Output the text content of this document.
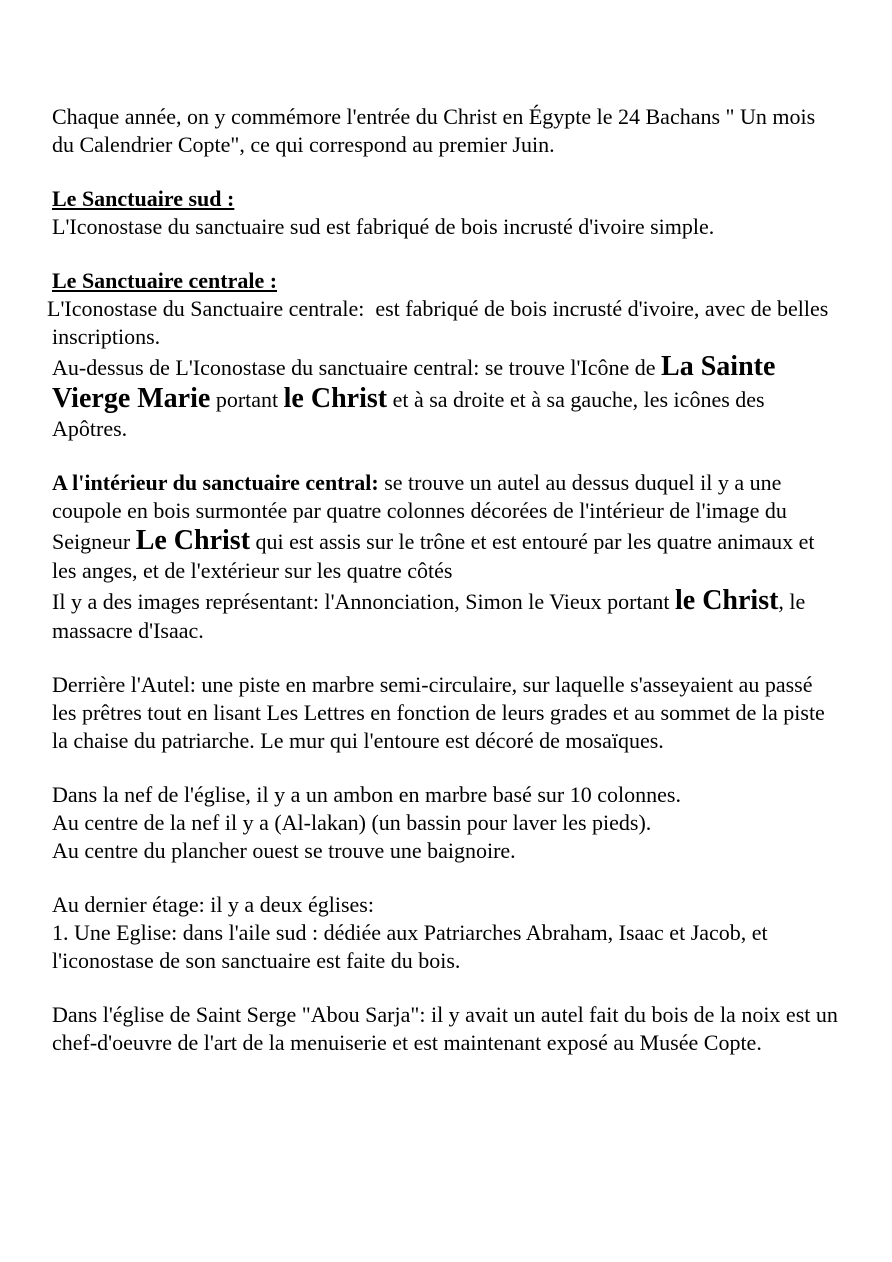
Chaque année, on y commémore l'entrée du Christ en Égypte le 24 Bachans " Un mois du Calendrier Copte", ce qui correspond au premier Juin.

Le Sanctuaire sud :

L'Iconostase du sanctuaire sud est fabriqué de bois incrusté d'ivoire simple.

Le Sanctuaire centrale :

L'Iconostase du Sanctuaire centrale:  est fabriqué de bois incrusté d'ivoire, avec de belles inscriptions.

Au-dessus de L'Iconostase du sanctuaire central: se trouve l'Icône de La Sainte Vierge Marie portant le Christ et à sa droite et à sa gauche, les icônes des Apôtres.

A l'intérieur du sanctuaire central: se trouve un autel au dessus duquel il y a une coupole en bois surmontée par quatre colonnes décorées de l'intérieur de l'image du Seigneur Le Christ qui est assis sur le trône et est entouré par les quatre animaux et les anges, et de l'extérieur sur les quatre côtés

Il y a des images représentant: l'Annonciation, Simon le Vieux portant le Christ, le massacre d'Isaac.

Derrière l'Autel: une piste en marbre semi-circulaire, sur laquelle s'asseyaient au passé les prêtres tout en lisant Les Lettres en fonction de leurs grades et au sommet de la piste la chaise du patriarche. Le mur qui l'entoure est décoré de mosaïques.

Dans la nef de l'église, il y a un ambon en marbre basé sur 10 colonnes.

Au centre de la nef il y a (Al-lakan) (un bassin pour laver les pieds).

Au centre du plancher ouest se trouve une baignoire.

Au dernier étage: il y a deux églises:

1. Une Eglise: dans l'aile sud : dédiée aux Patriarches Abraham, Isaac et Jacob, et l'iconostase de son sanctuaire est faite du bois.

Dans l'église de Saint Serge "Abou Sarja": il y avait un autel fait du bois de la noix est un chef-d'oeuvre de l'art de la menuiserie et est maintenant exposé au Musée Copte.
